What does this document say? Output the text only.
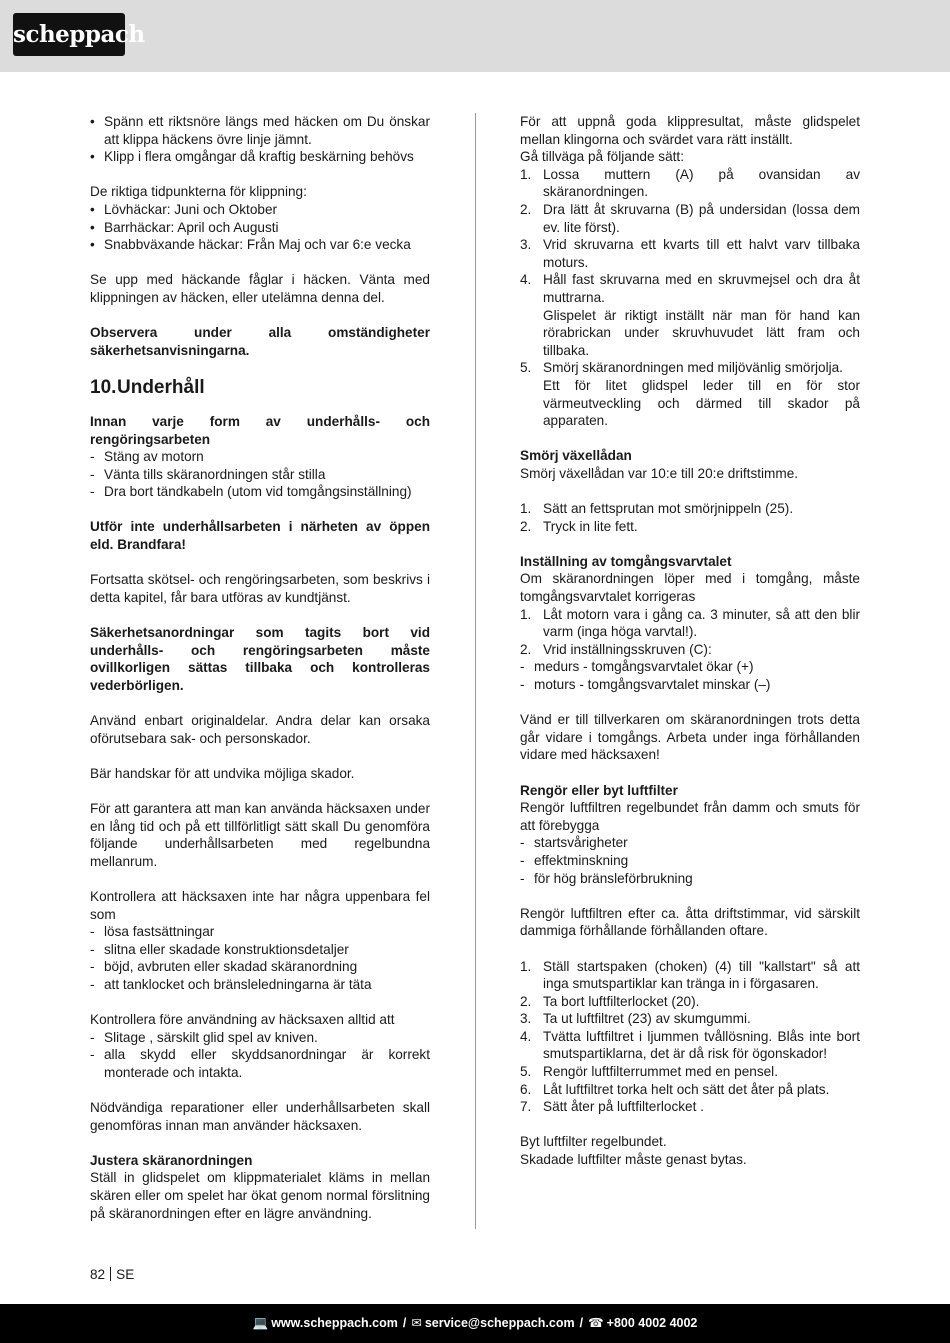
scheppach
• Spänn ett riktsnöre längs med häcken om Du önskar att klippa häckens övre linje jämnt.
• Klipp i flera omgångar då kraftig beskärning behövs

De riktiga tidpunkterna för klippning:

• Lövhäckar: Juni och Oktober
• Barrhäckar: April och Augusti
• Snabbväxande häckar: Från Maj och var 6:e vecka

Se upp med häckande fåglar i häcken. Vänta med klippningen av häcken, eller utelämna denna del.

Observera under alla omständigheter säkerhetsanvisningarna.

10.Underhåll

Innan varje form av underhålls- och rengöringsarbeten

- Stäng av motorn
- Vänta tills skäranordningen står stilla
- Dra bort tändkabeln (utom vid tomgångsinställning)

Utför inte underhållsarbeten i närheten av öppen eld. Brandfara!

Fortsatta skötsel- och rengöringsarbeten, som beskrivs i detta kapitel, får bara utföras av kundtjänst.

Säkerhetsanordningar som tagits bort vid underhålls- och rengöringsarbeten måste ovillkorligen sättas tillbaka och kontrolleras vederbörligen.

Använd enbart originaldelar. Andra delar kan orsaka oförutsebara sak- och personskador.

Bär handskar för att undvika möjliga skador.

För att garantera att man kan använda häcksaxen under en lång tid och på ett tillförlitligt sätt skall Du genomföra följande underhållsarbeten med regelbundna mellanrum.

Kontrollera att häcksaxen inte har några uppenbara fel som

- lösa fastsättningar
- slitna eller skadade konstruktionsdetaljer
- böjd, avbruten eller skadad skäranordning
- att tanklocket och bränsleledningarna är täta

Kontrollera före användning av häcksaxen alltid att

- Slitage , särskilt glid spel av kniven.
- alla skydd eller skyddsanordningar är korrekt monterade och intakta.

Nödvändiga reparationer eller underhållsarbeten skall genomföras innan man använder häcksaxen.

Justera skäranordningen

Ställ in glidspelet om klippmaterialet kläms in mellan skären eller om spelet har ökat genom normal förslitning på skäranordningen efter en lägre användning.

För att uppnå goda klippresultat, måste glidspelet mellan klingorna och svärdet vara rätt inställt.

Gå tillväga på följande sätt:

1. Lossa muttern (A) på ovansidan av skäranordningen.
2. Dra lätt åt skruvarna (B) på undersidan (lossa dem ev. lite först).
3. Vrid skruvarna ett kvarts till ett halvt varv tillbaka moturs.
4. Håll fast skruvarna med en skruvmejsel och dra åt muttrarna.
Glispelet är riktigt inställt när man för hand kan rörabrickan under skruvhuvudet lätt fram och tillbaka.
5. Smörj skäranordningen med miljövänlig smörjolja.
Ett för litet glidspel leder till en för stor värmeutveckling och därmed till skador på apparaten.

Smörj växellådan

Smörj växellådan var 10:e till 20:e driftstimme.

1. Sätt an fettsprutan mot smörjnippeln (25).
2. Tryck in lite fett.

Inställning av tomgångsvarvtalet

Om skäranordningen löper med i tomgång, måste tomgångsvarvtalet korrigeras

1. Låt motorn vara i gång ca. 3 minuter, så att den blir varm (inga höga varvtal!).
2. Vrid inställningsskruven (C):
- medurs - tomgångsvarvtalet ökar (+)
- moturs - tomgångsvarvtalet minskar (–)

Vänd er till tillverkaren om skäranordningen trots detta går vidare i tomgångs. Arbeta under inga förhållanden vidare med häcksaxen!

Rengör eller byt luftfilter

Rengör luftfiltren regelbundet från damm och smuts för att förebygga

- startsvårigheter
- effektminskning
- för hög bränsleförbrukning

Rengör luftfiltren efter ca. åtta driftstimmar, vid särskilt dammiga förhållande förhållanden oftare.

1. Ställ startspaken (choken) (4) till "kallstart" så att inga smutspartiklar kan tränga in i förgasaren.
2. Ta bort luftfilterlocket (20).
3. Ta ut luftfiltret (23) av skumgummi.
4. Tvätta luftfiltret i ljummen tvållösning. Blås inte bort smutspartiklarna, det är då risk för ögonskador!
5. Rengör luftfilterrummet med en pensel.
6. Låt luftfiltret torka helt och sätt det åter på plats.
7. Sätt åter på luftfilterlocket .

Byt luftfilter regelbundet.

Skadade luftfilter måste genast bytas.

82 SE
💻 www.scheppach.com / ✉ service@scheppach.com / ☎ +800 4002 4002
